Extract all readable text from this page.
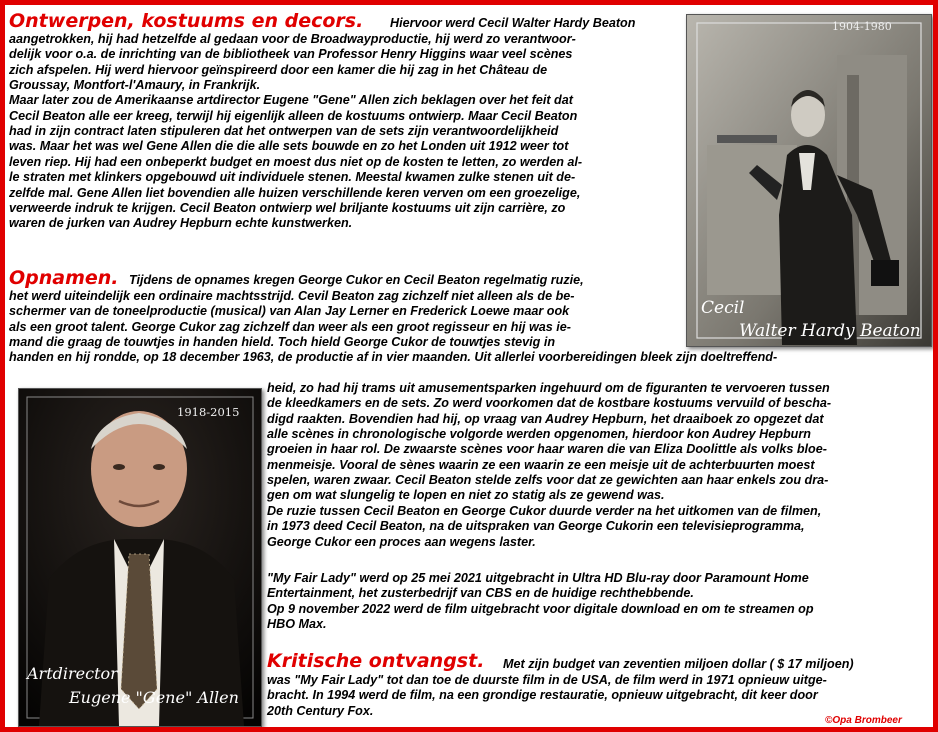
Ontwerpen, kostuums en decors. Hiervoor werd Cecil Walter Hardy Beaton
aangetrokken, hij had hetzelfde al gedaan voor de Broadwayproductie, hij werd zo verantwoor-
delijk voor o.a. de inrichting van de bibliotheek van Professor Henry Higgins waar veel scènes
zich afspelen. Hij werd hiervoor geïnspireerd door een kamer die hij zag in het Château de
Groussay, Montfort-l'Amaury, in Frankrijk.
Maar later zou de Amerikaanse artdirector Eugene "Gene" Allen zich beklagen over het feit dat
Cecil Beaton alle eer kreeg, terwijl hij eigenlijk alleen de kostuums ontwierp. Maar Cecil Beaton
had in zijn contract laten stipuleren dat het ontwerpen van de sets zijn verantwoordelijkheid
was. Maar het was wel Gene Allen die die alle sets bouwde en zo het Londen uit 1912 weer tot
leven riep. Hij had een onbeperkt budget en moest dus niet op de kosten te letten, zo werden al-
le straten met klinkers opgebouwd uit individuele stenen. Meestal kwamen zulke stenen uit de-
zelfde mal. Gene Allen liet bovendien alle huizen verschillende keren verven om een groezelige,
verweerde indruk te krijgen. Cecil Beaton ontwierp wel briljante kostuums uit zijn carrière, zo
waren de jurken van Audrey Hepburn echte kunstwerken.
1904-1980
Cecil
Walter Hardy Beaton
Opnamen. Tijdens de opnames kregen George Cukor en Cecil Beaton regelmatig ruzie,
het werd uiteindelijk een ordinaire machtsstrijd. Cevil Beaton zag zichzelf niet alleen als de be-
schermer van de toneelproductie (musical) van Alan Jay Lerner en Frederick Loewe maar ook
als een groot talent. George Cukor zag zichzelf dan weer als een groot regisseur en hij was ie-
mand die graag de touwtjes in handen hield. Toch hield George Cukor de touwtjes stevig in
handen en hij rondde, op 18 december 1963, de productie af in vier maanden. Uit allerlei voorbereidingen bleek zijn doeltreffend-
heid, zo had hij trams uit amusementsparken ingehuurd om de figuranten te vervoeren tussen
de kleedkamers en de sets. Zo werd voorkomen dat de kostbare kostuums vervuild of bescha-
digd raakten. Bovendien had hij, op vraag van Audrey Hepburn, het draaiboek zo opgezet dat
alle scènes in chronologische volgorde werden opgenomen, hierdoor kon Audrey Hepburn
groeien in haar rol. De zwaarste scènes voor haar waren die van Eliza Doolittle als volks bloe-
menmeisje. Vooral de sènes waarin ze een waarin ze een meisje uit de achterbuurten moest
spelen, waren zwaar. Cecil Beaton stelde zelfs voor dat ze gewichten aan haar enkels zou dra-
gen om wat slungelig te lopen en niet zo statig als ze gewend was.
De ruzie tussen Cecil Beaton en George Cukor duurde verder na het uitkomen van de filmen,
in 1973 deed Cecil Beaton, na de uitspraken van George Cukorin een televisieprogramma,
George Cukor een proces aan wegens laster.
"My Fair Lady" werd op 25 mei 2021 uitgebracht in Ultra HD Blu-ray door Paramount Home
Entertainment, het zusterbedrijf van CBS en de huidige rechthebbende.
Op 9 november 2022 werd de film uitgebracht voor digitale download en om te streamen op
HBO Max.
1918-2015
Artdirector
Eugene "Gene" Allen
Kritische ontvangst. Met zijn budget van zeventien miljoen dollar ( $ 17 miljoen)
was "My Fair Lady" tot dan toe de duurste film in de USA, de film werd in 1971 opnieuw uitge-
bracht. In 1994 werd de film, na een grondige restauratie, opnieuw uitgebracht, dit keer door
20th Century Fox.
©Opa Brombeer
